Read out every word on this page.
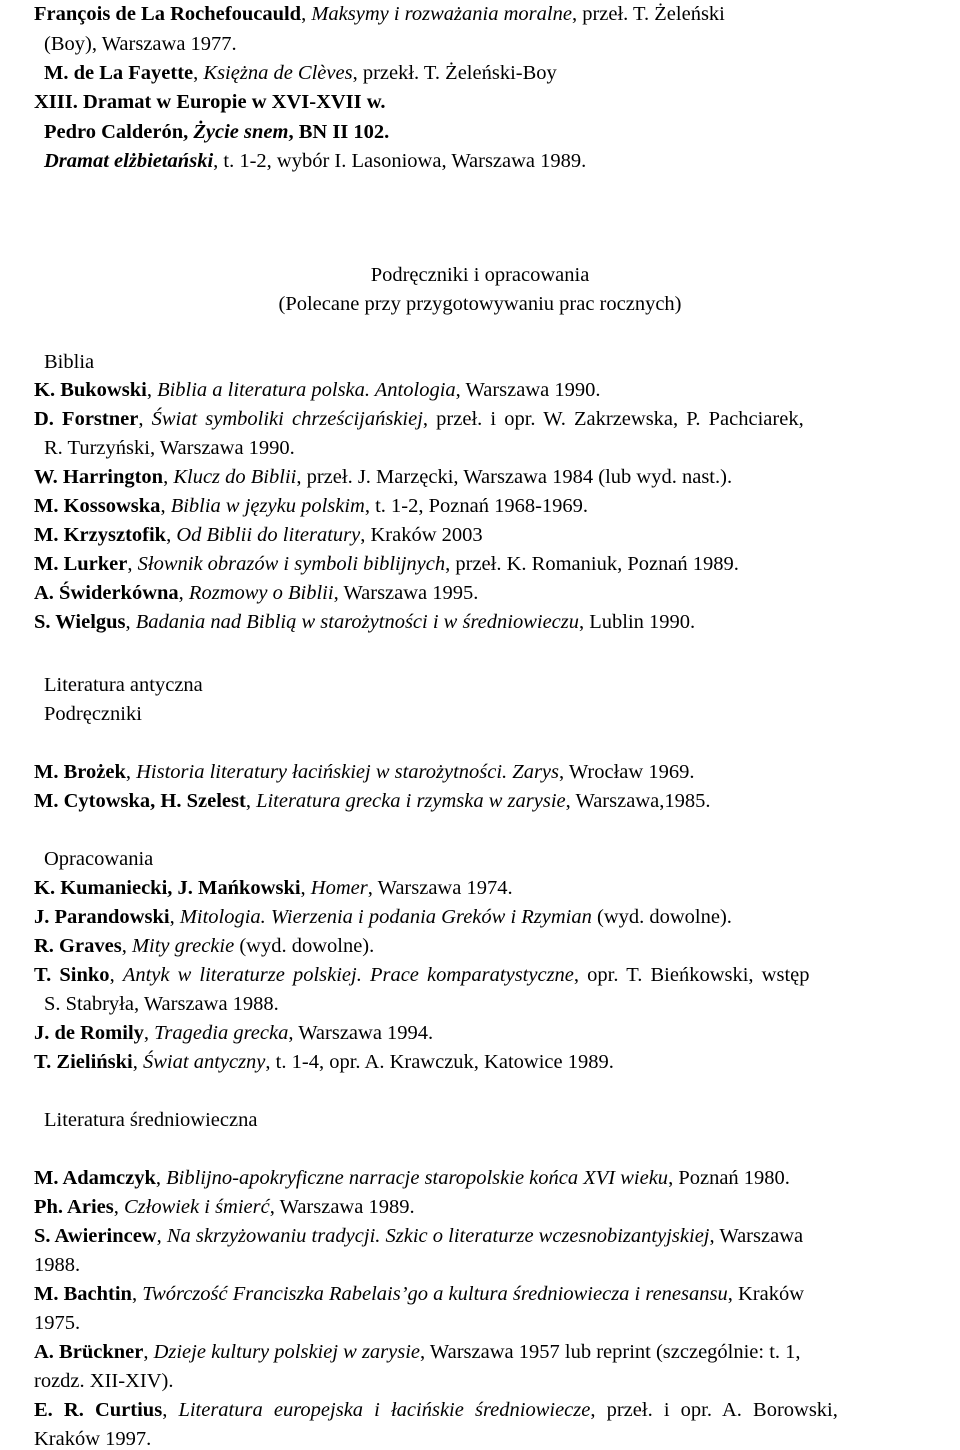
François de La Rochefoucauld, Maksymy i rozważania moralne, przeł. T. Żeleński
(Boy), Warszawa 1977.
M. de La Fayette, Księżna de Clèves, przekł. T. Żeleński-Boy
XIII. Dramat w Europie w XVI-XVII w.
Pedro Calderón, Życie snem, BN II 102.
Dramat elżbietański, t. 1-2, wybór I. Lasoniowa, Warszawa 1989.
Podręczniki i opracowania
(Polecane przy przygotowywaniu prac rocznych)
Biblia
K. Bukowski, Biblia a literatura polska. Antologia, Warszawa 1990.
D. Forstner, Świat symboliki chrześcijańskiej, przeł. i opr. W. Zakrzewska, P. Pachciarek,
R. Turzyński, Warszawa 1990.
W. Harrington, Klucz do Biblii, przeł. J. Marzęcki, Warszawa 1984 (lub wyd. nast.).
M. Kossowska, Biblia w języku polskim, t. 1-2, Poznań 1968-1969.
M. Krzysztofik, Od Biblii do literatury, Kraków 2003
M. Lurker, Słownik obrazów i symboli biblijnych, przeł. K. Romaniuk, Poznań 1989.
A. Świderkówna, Rozmowy o Biblii, Warszawa 1995.
S. Wielgus, Badania nad Biblią w starożytności i w średniowieczu, Lublin 1990.
Literatura antyczna
Podręczniki
M. Brożek, Historia literatury łacińskiej w starożytności. Zarys, Wrocław 1969.
M. Cytowska, H. Szelest, Literatura grecka i rzymska w zarysie, Warszawa,1985.
Opracowania
K. Kumaniecki, J. Mańkowski, Homer, Warszawa 1974.
J. Parandowski, Mitologia. Wierzenia i podania Greków i Rzymian (wyd. dowolne).
R. Graves, Mity greckie (wyd. dowolne).
T. Sinko, Antyk w literaturze polskiej. Prace komparatystyczne, opr. T. Bieńkowski, wstęp
S. Stabryła, Warszawa 1988.
J. de Romily, Tragedia grecka, Warszawa 1994.
T. Zieliński, Świat antyczny, t. 1-4, opr. A. Krawczuk, Katowice 1989.
Literatura średniowieczna
M. Adamczyk, Biblijno-apokryficzne narracje staropolskie końca XVI wieku, Poznań 1980.
Ph. Aries, Człowiek i śmierć, Warszawa 1989.
S. Awierincew, Na skrzyżowaniu tradycji. Szkic o literaturze wczesnobizantyjskiej, Warszawa
1988.
M. Bachtin, Twórczość Franciszka Rabelais’go a kultura średniowiecza i renesansu, Kraków
1975.
A. Brückner, Dzieje kultury polskiej w zarysie, Warszawa 1957 lub reprint (szczególnie: t. 1,
rozdz. XII-XIV).
E. R. Curtius, Literatura europejska i łacińskie średniowiecze, przeł. i opr. A. Borowski,
Kraków 1997.
